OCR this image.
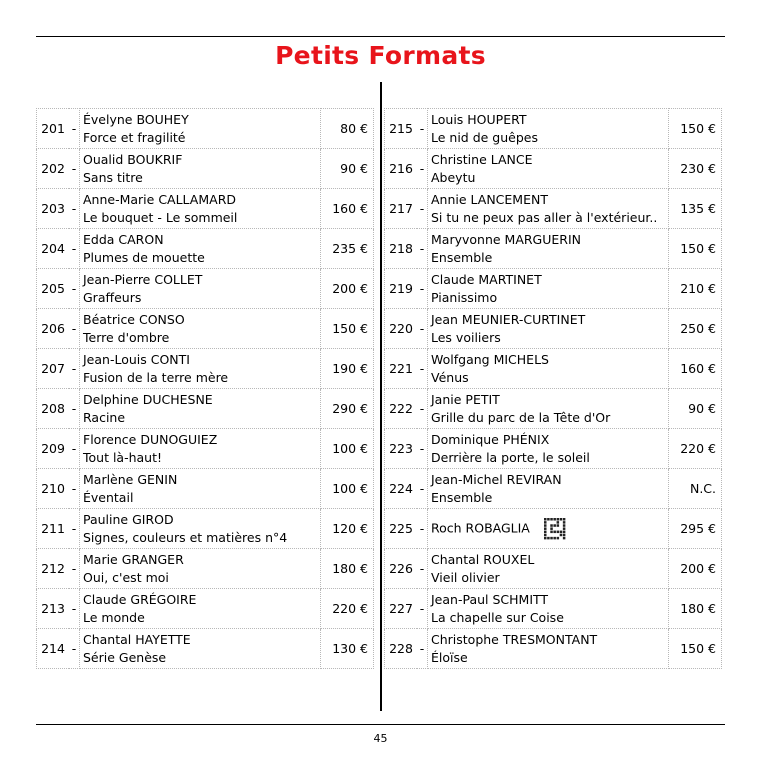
Petits Formats
201	-	Évelyne BOUHEY
Force et fragilité	80 €
202	-	Oualid BOUKRIF
Sans titre	90 €
203	-	Anne-Marie CALLAMARD
Le bouquet - Le sommeil	160 €
204	-	Edda CARON
Plumes de mouette	235 €
205	-	Jean-Pierre COLLET
Graffeurs	200 €
206	-	Béatrice CONSO
Terre d'ombre	150 €
207	-	Jean-Louis CONTI
Fusion de la terre mère	190 €
208	-	Delphine DUCHESNE
Racine	290 €
209	-	Florence DUNOGUIEZ
Tout là-haut!	100 €
210	-	Marlène GENIN
Éventail	100 €
211	-	Pauline GIROD
Signes, couleurs et matières n°4	120 €
212	-	Marie GRANGER
Oui, c'est moi	180 €
213	-	Claude GRÉGOIRE
Le monde	220 €
214	-	Chantal HAYETTE
Série Genèse	130 €
215	-	Louis HOUPERT
Le nid de guêpes	150 €
216	-	Christine LANCE
Abeytu	230 €
217	-	Annie LANCEMENT
Si tu ne peux pas aller à l'extérieur..	135 €
218	-	Maryvonne MARGUERIN
Ensemble	150 €
219	-	Claude MARTINET
Pianissimo	210 €
220	-	Jean MEUNIER-CURTINET
Les voiliers	250 €
221	-	Wolfgang MICHELS
Vénus	160 €
222	-	Janie PETIT
Grille du parc de la Tête d'Or	90 €
223	-	Dominique PHÉNIX
Derrière la porte, le soleil	220 €
224	-	Jean-Michel REVIRAN
Ensemble	N.C.
225	-	Roch ROBAGLIA	295 €
226	-	Chantal ROUXEL
Vieil olivier	200 €
227	-	Jean-Paul SCHMITT
La chapelle sur Coise	180 €
228	-	Christophe TRESMONTANT
Éloïse	150 €
45
